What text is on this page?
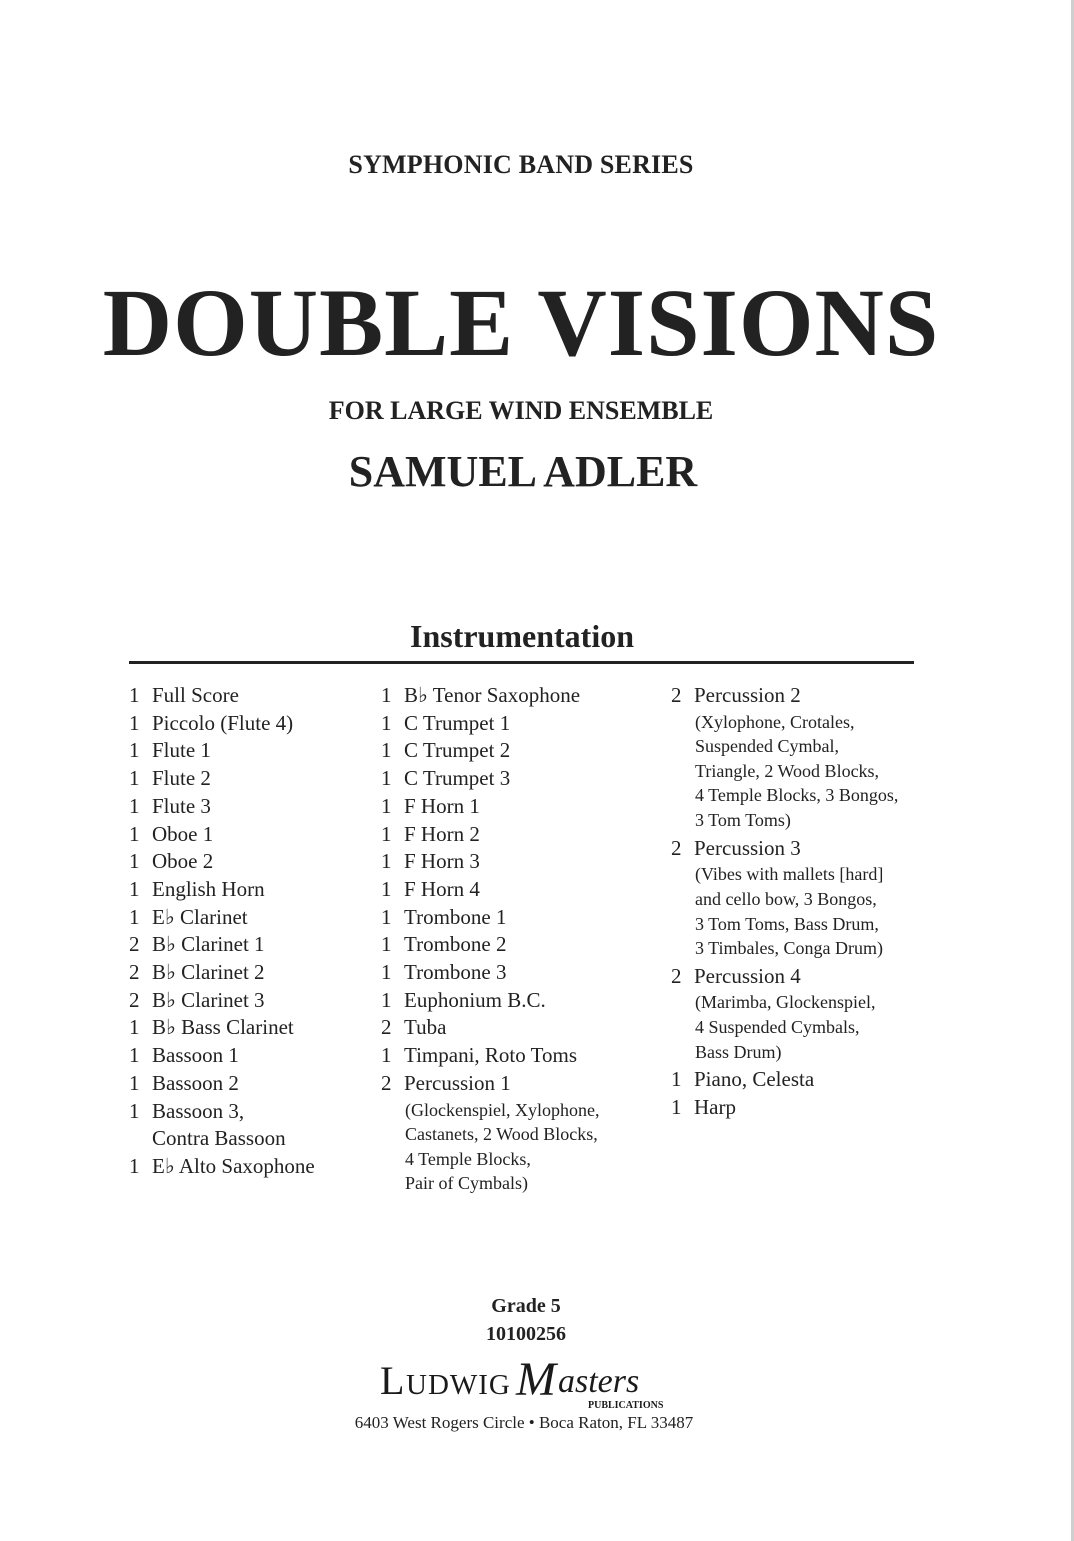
SYMPHONIC BAND SERIES
DOUBLE VISIONS
FOR LARGE WIND ENSEMBLE
SAMUEL ADLER
Instrumentation
1 Full Score
1 Piccolo (Flute 4)
1 Flute 1
1 Flute 2
1 Flute 3
1 Oboe 1
1 Oboe 2
1 English Horn
1 E♭ Clarinet
2 B♭ Clarinet 1
2 B♭ Clarinet 2
2 B♭ Clarinet 3
1 B♭ Bass Clarinet
1 Bassoon 1
1 Bassoon 2
1 Bassoon 3,
Contra Bassoon
1 E♭ Alto Saxophone
1 B♭ Tenor Saxophone
1 C Trumpet 1
1 C Trumpet 2
1 C Trumpet 3
1 F Horn 1
1 F Horn 2
1 F Horn 3
1 F Horn 4
1 Trombone 1
1 Trombone 2
1 Trombone 3
1 Euphonium B.C.
2 Tuba
1 Timpani, Roto Toms
2 Percussion 1
(Glockenspiel, Xylophone,
Castanets, 2 Wood Blocks,
4 Temple Blocks,
Pair of Cymbals)
2 Percussion 2
(Xylophone, Crotales,
Suspended Cymbal,
Triangle, 2 Wood Blocks,
4 Temple Blocks, 3 Bongos,
3 Tom Toms)
2 Percussion 3
(Vibes with mallets [hard]
and cello bow, 3 Bongos,
3 Tom Toms, Bass Drum,
3 Timbales, Conga Drum)
2 Percussion 4
(Marimba, Glockenspiel,
4 Suspended Cymbals,
Bass Drum)
1 Piano, Celesta
1 Harp
Grade 5
10100256
L UDWIG M asters
PUBLICATIONS
6403 West Rogers Circle • Boca Raton, FL 33487
